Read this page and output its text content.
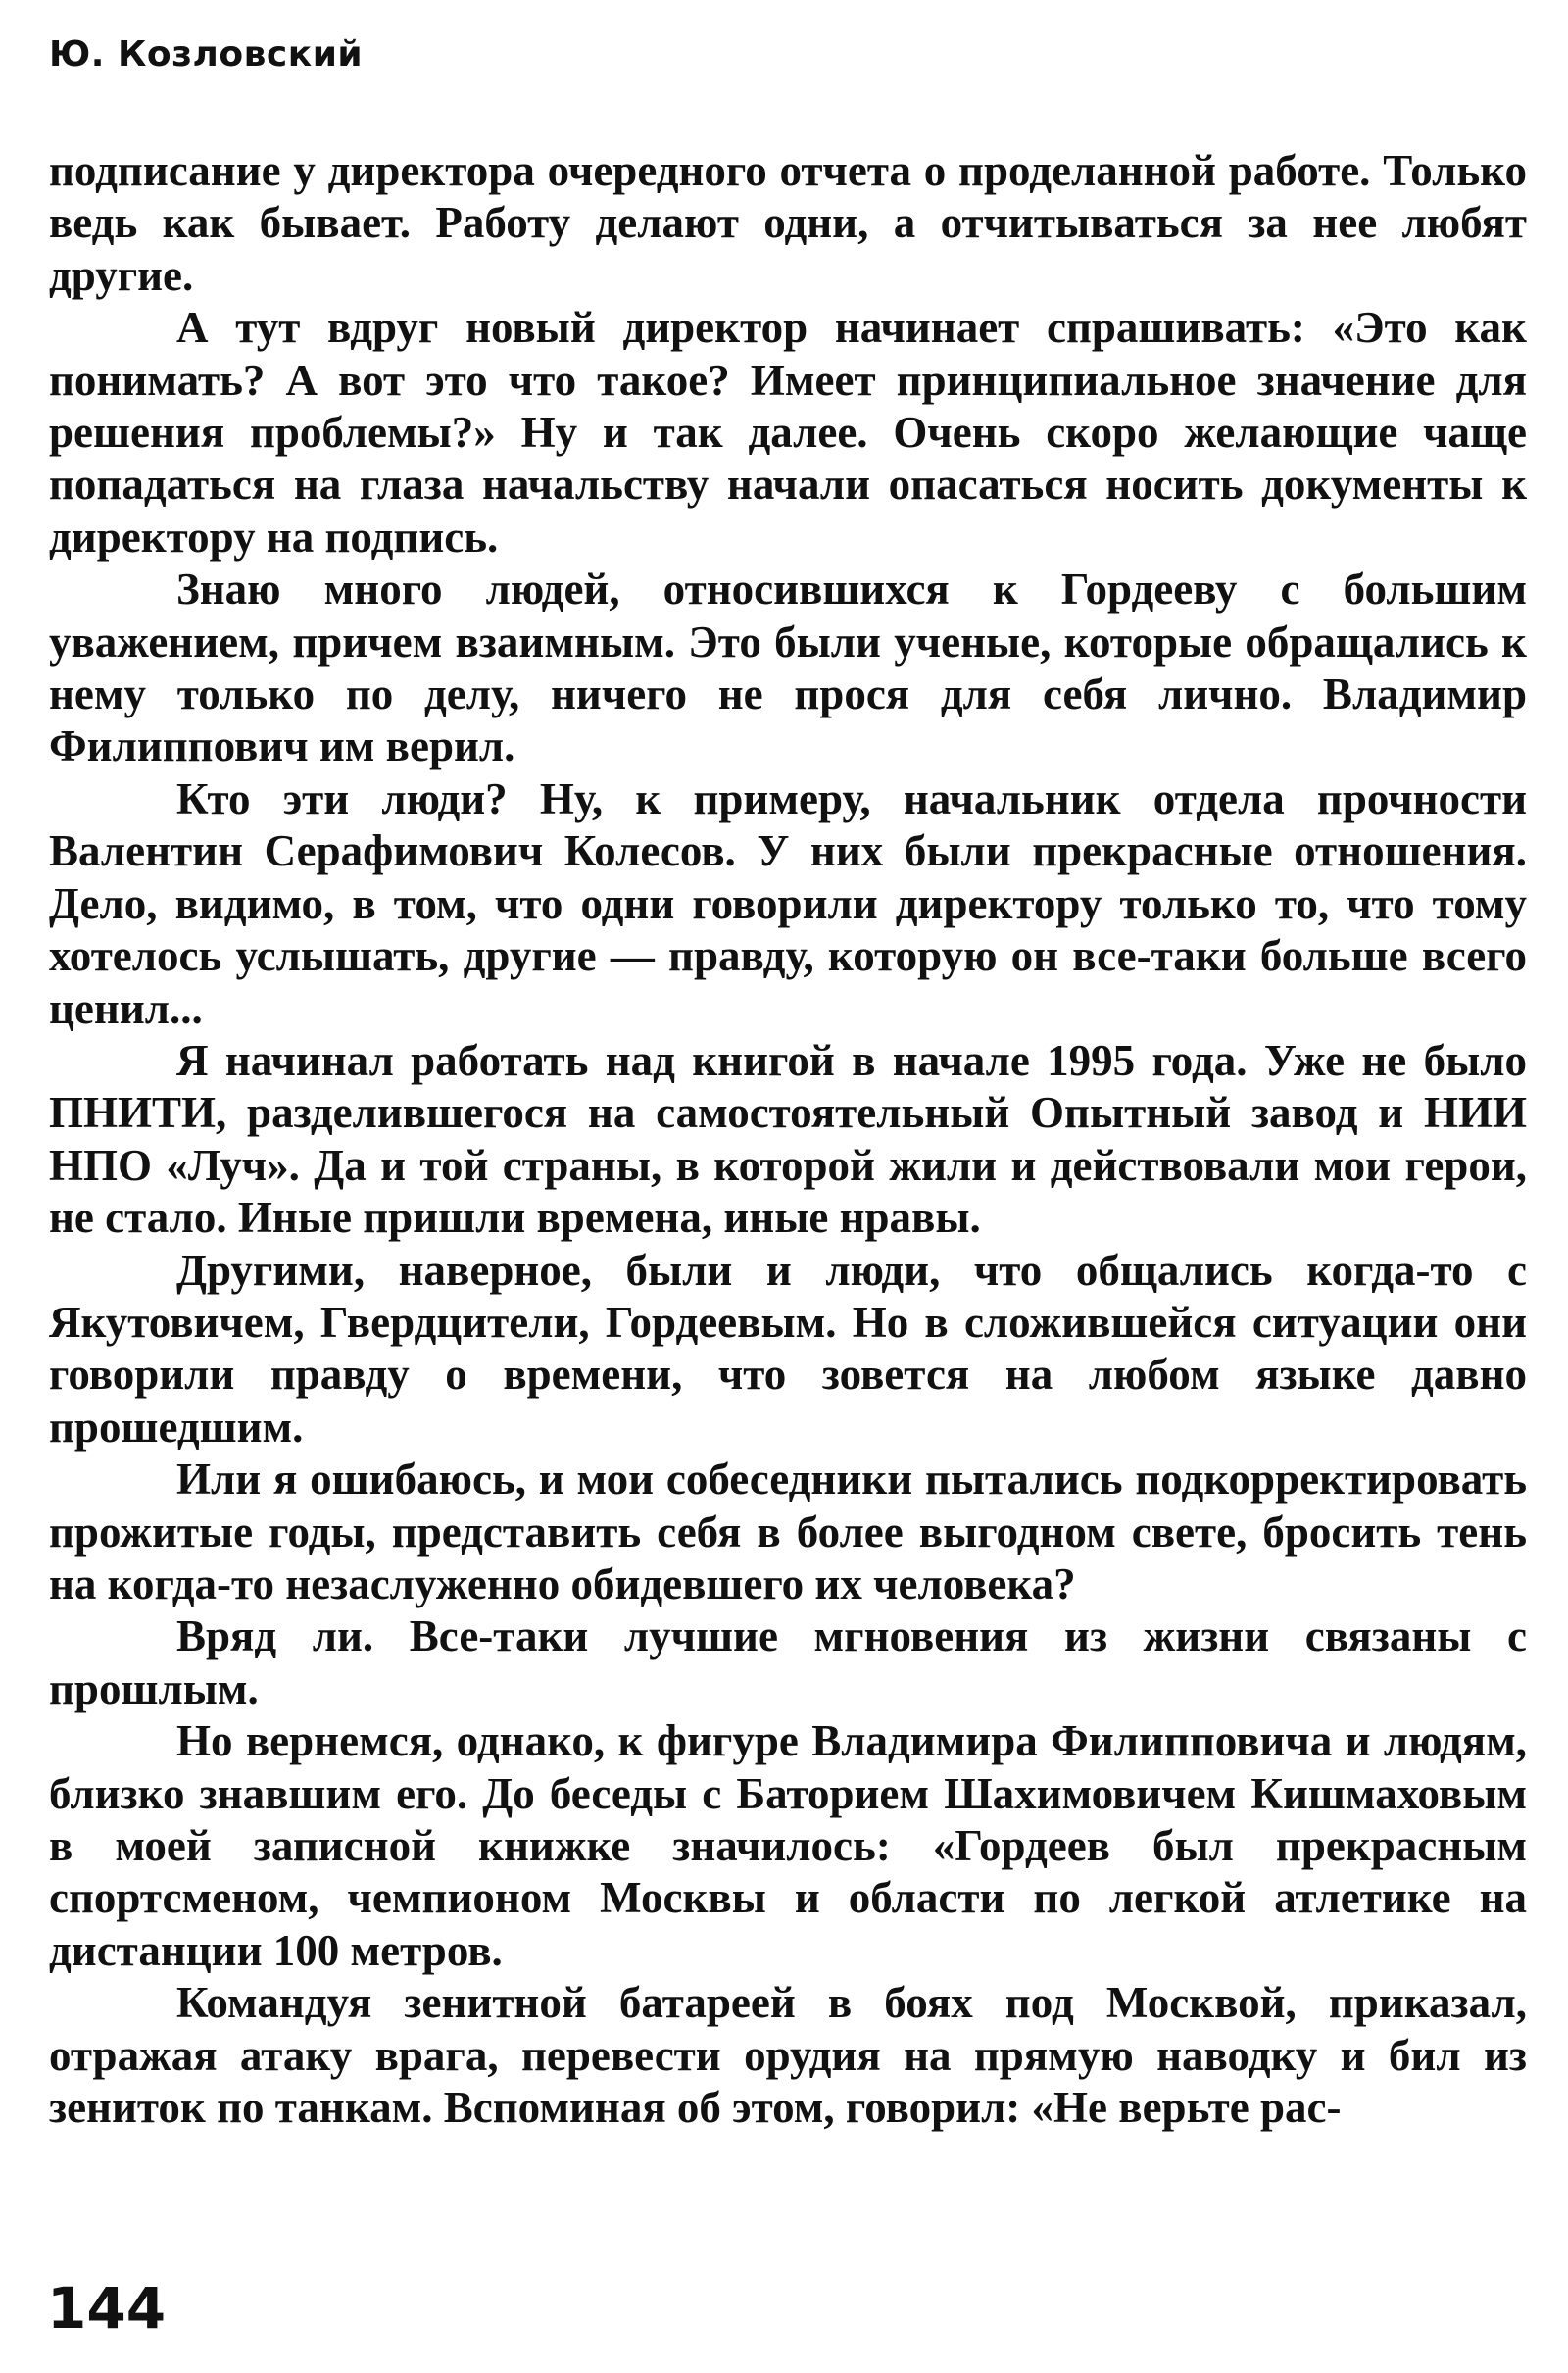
Ю. Козловский

подписание у директора очередного отчета о проделанной работе. Только ведь как бывает. Работу делают одни, а отчитываться за нее любят другие.

А тут вдруг новый директор начинает спрашивать: «Это как понимать? А вот это что такое? Имеет принципиальное значение для решения проблемы?» Ну и так далее. Очень скоро желающие чаще попадаться на глаза начальству начали опасаться носить документы к директору на подпись.

Знаю много людей, относившихся к Гордееву с большим уважением, причем взаимным. Это были ученые, которые обращались к нему только по делу, ничего не прося для себя лично. Владимир Филиппович им верил.

Кто эти люди? Ну, к примеру, начальник отдела прочности Валентин Серафимович Колесов. У них были прекрасные отношения. Дело, видимо, в том, что одни говорили директору только то, что тому хотелось услышать, другие — правду, которую он все-таки больше всего ценил...

Я начинал работать над книгой в начале 1995 года. Уже не было ПНИТИ, разделившегося на самостоятельный Опытный завод и НИИ НПО «Луч». Да и той страны, в которой жили и действовали мои герои, не стало. Иные пришли времена, иные нравы.

Другими, наверное, были и люди, что общались когда-то с Якутовичем, Гвердцители, Гордеевым. Но в сложившейся ситуации они говорили правду о времени, что зовется на любом языке давно прошедшим.

Или я ошибаюсь, и мои собеседники пытались подкорректировать прожитые годы, представить себя в более выгодном свете, бросить тень на когда-то незаслуженно обидевшего их человека?

Вряд ли. Все-таки лучшие мгновения из жизни связаны с прошлым.

Но вернемся, однако, к фигуре Владимира Филипповича и людям, близко знавшим его. До беседы с Баторием Шахимовичем Кишмаховым в моей записной книжке значилось: «Гордеев был прекрасным спортсменом, чемпионом Москвы и области по легкой атлетике на дистанции 100 метров.

Командуя зенитной батареей в боях под Москвой, приказал, отражая атаку врага, перевести орудия на прямую наводку и бил из зениток по танкам. Вспоминая об этом, говорил: «Не верьте рас-

144
